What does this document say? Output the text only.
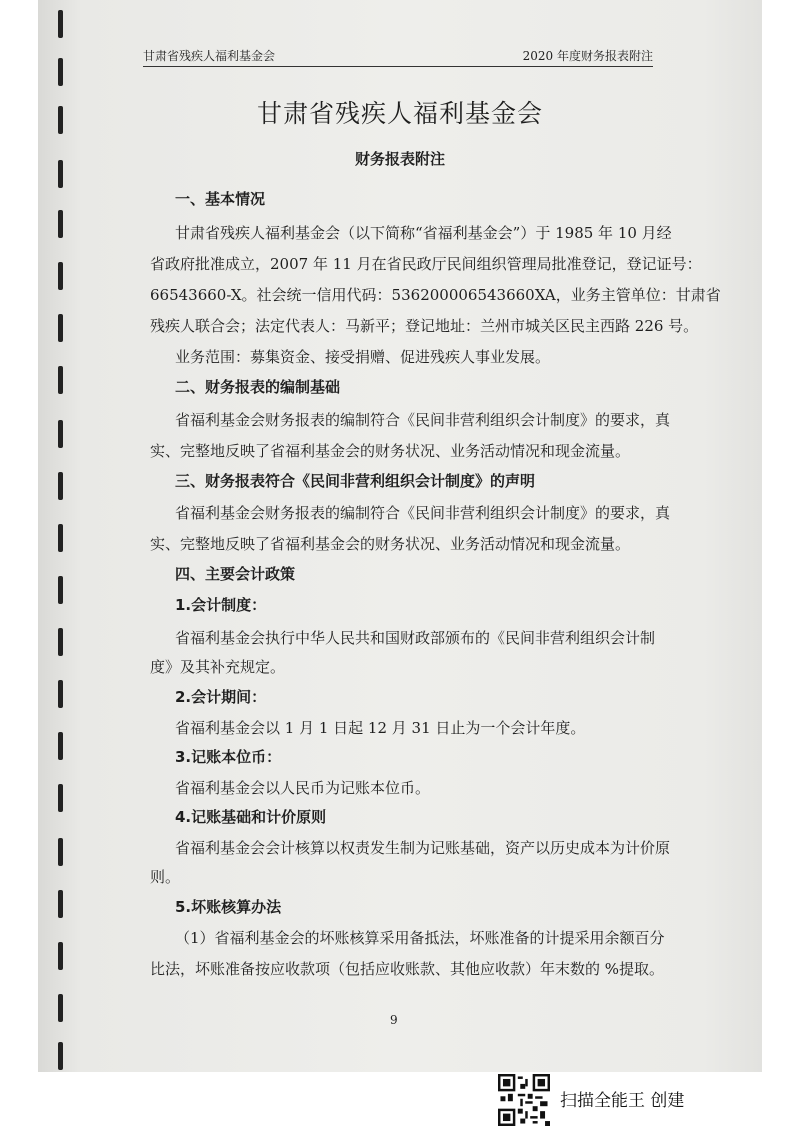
甘肃省残疾人福利基金会	2020 年度财务报表附注
甘肃省残疾人福利基金会
财务报表附注
一、基本情况
甘肃省残疾人福利基金会（以下简称“省福利基金会”）于 1985 年 10 月经
省政府批准成立，2007 年 11 月在省民政厅民间组织管理局批准登记，登记证号：
66543660-X。社会统一信用代码：536200006543660XA，业务主管单位：甘肃省
残疾人联合会；法定代表人：马新平；登记地址：兰州市城关区民主西路 226 号。
业务范围：募集资金、接受捐赠、促进残疾人事业发展。
二、财务报表的编制基础
省福利基金会财务报表的编制符合《民间非营利组织会计制度》的要求，真
实、完整地反映了省福利基金会的财务状况、业务活动情况和现金流量。
三、财务报表符合《民间非营利组织会计制度》的声明
省福利基金会财务报表的编制符合《民间非营利组织会计制度》的要求，真
实、完整地反映了省福利基金会的财务状况、业务活动情况和现金流量。
四、主要会计政策
1.会计制度：
省福利基金会执行中华人民共和国财政部颁布的《民间非营利组织会计制
度》及其补充规定。
2.会计期间：
省福利基金会以 1 月 1 日起 12 月 31 日止为一个会计年度。
3.记账本位币：
省福利基金会以人民币为记账本位币。
4.记账基础和计价原则
省福利基金会会计核算以权责发生制为记账基础，资产以历史成本为计价原
则。
5.坏账核算办法
（1）省福利基金会的坏账核算采用备抵法，坏账准备的计提采用余额百分
比法，坏账准备按应收款项（包括应收账款、其他应收款）年末数的 %提取。
9
扫描全能王 创建
